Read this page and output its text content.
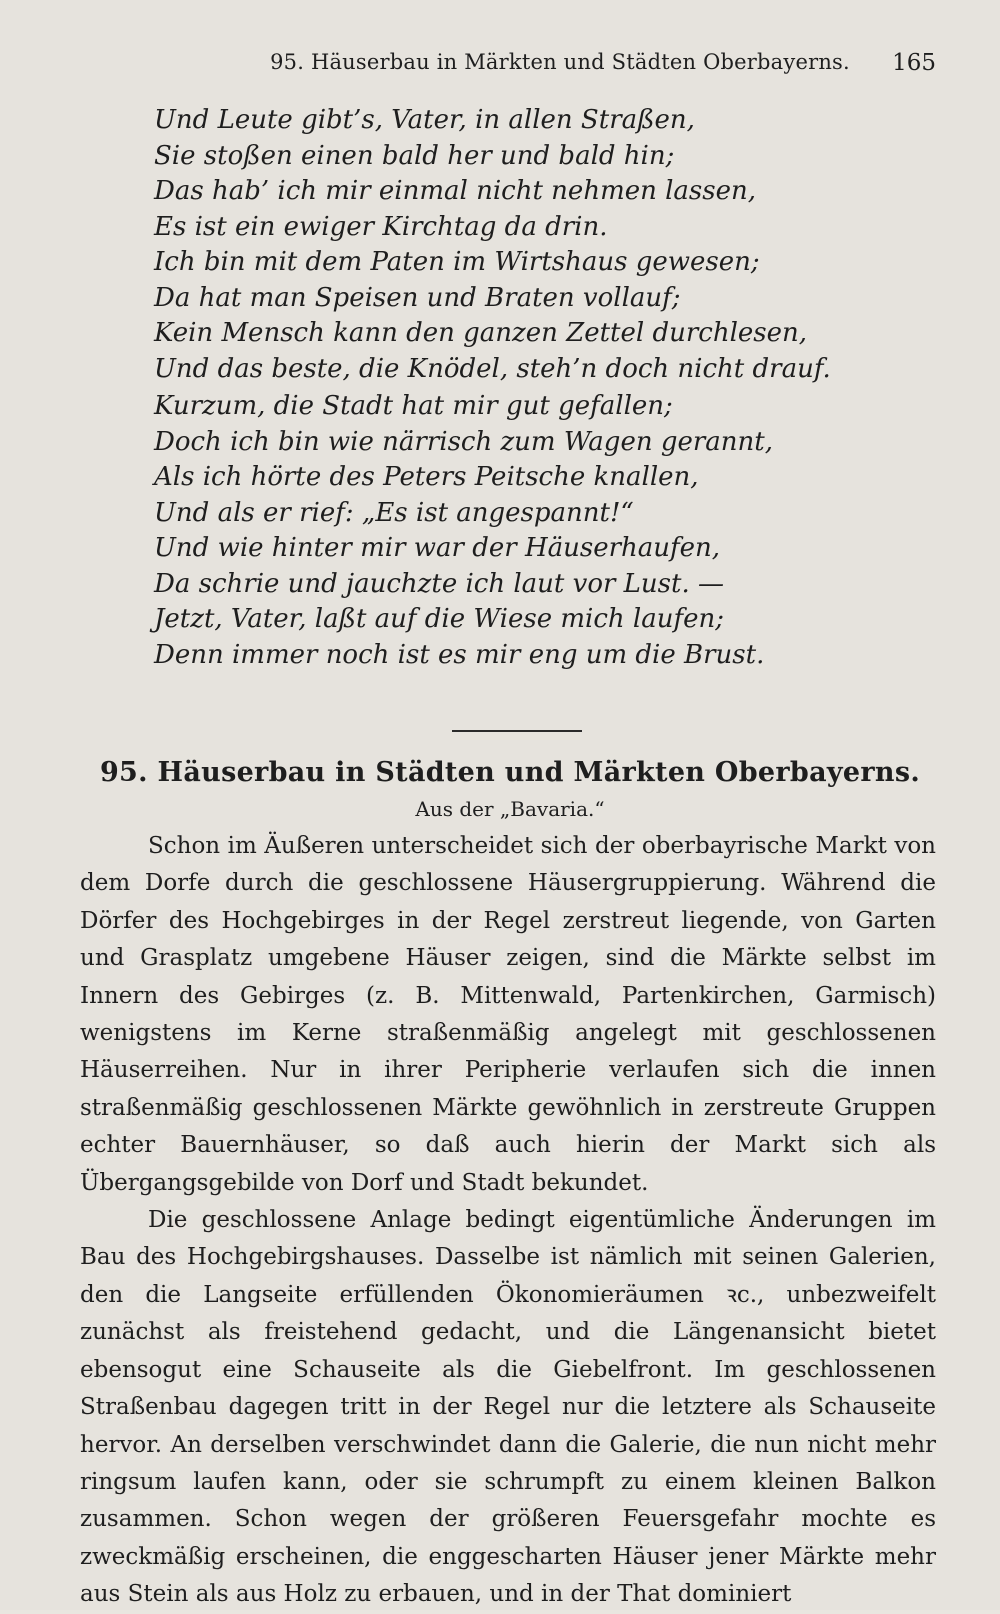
95. Häuserbau in Märkten und Städten Oberbayerns.	165
Und Leute gibt’s, Vater, in allen Straßen,
Sie stoßen einen bald her und bald hin;
Das hab’ ich mir einmal nicht nehmen lassen,
Es ist ein ewiger Kirchtag da drin.
Ich bin mit dem Paten im Wirtshaus gewesen;
Da hat man Speisen und Braten vollauf;
Kein Mensch kann den ganzen Zettel durchlesen,
Und das beste, die Knödel, steh’n doch nicht drauf.
Kurzum, die Stadt hat mir gut gefallen;
Doch ich bin wie närrisch zum Wagen gerannt,
Als ich hörte des Peters Peitsche knallen,
Und als er rief: „Es ist angespannt!“
Und wie hinter mir war der Häuserhaufen,
Da schrie und jauchzte ich laut vor Lust. —
Jetzt, Vater, laßt auf die Wiese mich laufen;
Denn immer noch ist es mir eng um die Brust.
95. Häuserbau in Städten und Märkten Oberbayerns.
Aus der „Bavaria.“

Schon im Äußeren unterscheidet sich der oberbayrische Markt von dem Dorfe durch die geschlossene Häusergruppierung. Während die Dörfer des Hochgebirges in der Regel zerstreut liegende, von Garten und Grasplatz umgebene Häuser zeigen, sind die Märkte selbst im Innern des Gebirges (z. B. Mittenwald, Partenkirchen, Garmisch) wenigstens im Kerne straßenmäßig angelegt mit geschlossenen Häuserreihen. Nur in ihrer Peripherie verlaufen sich die innen straßenmäßig geschlossenen Märkte gewöhnlich in zerstreute Gruppen echter Bauernhäuser, so daß auch hierin der Markt sich als Übergangsgebilde von Dorf und Stadt bekundet.

Die geschlossene Anlage bedingt eigentümliche Änderungen im Bau des Hochgebirgshauses. Dasselbe ist nämlich mit seinen Galerien, den die Langseite erfüllenden Ökonomieräumen ꝛc., unbezweifelt zunächst als freistehend gedacht, und die Längenansicht bietet ebensogut eine Schauseite als die Giebelfront. Im geschlossenen Straßenbau dagegen tritt in der Regel nur die letztere als Schauseite hervor. An derselben verschwindet dann die Galerie, die nun nicht mehr ringsum laufen kann, oder sie schrumpft zu einem kleinen Balkon zusammen. Schon wegen der größeren Feuersgefahr mochte es zweckmäßig erscheinen, die enggescharten Häuser jener Märkte mehr aus Stein als aus Holz zu erbauen, und in der That dominiert
